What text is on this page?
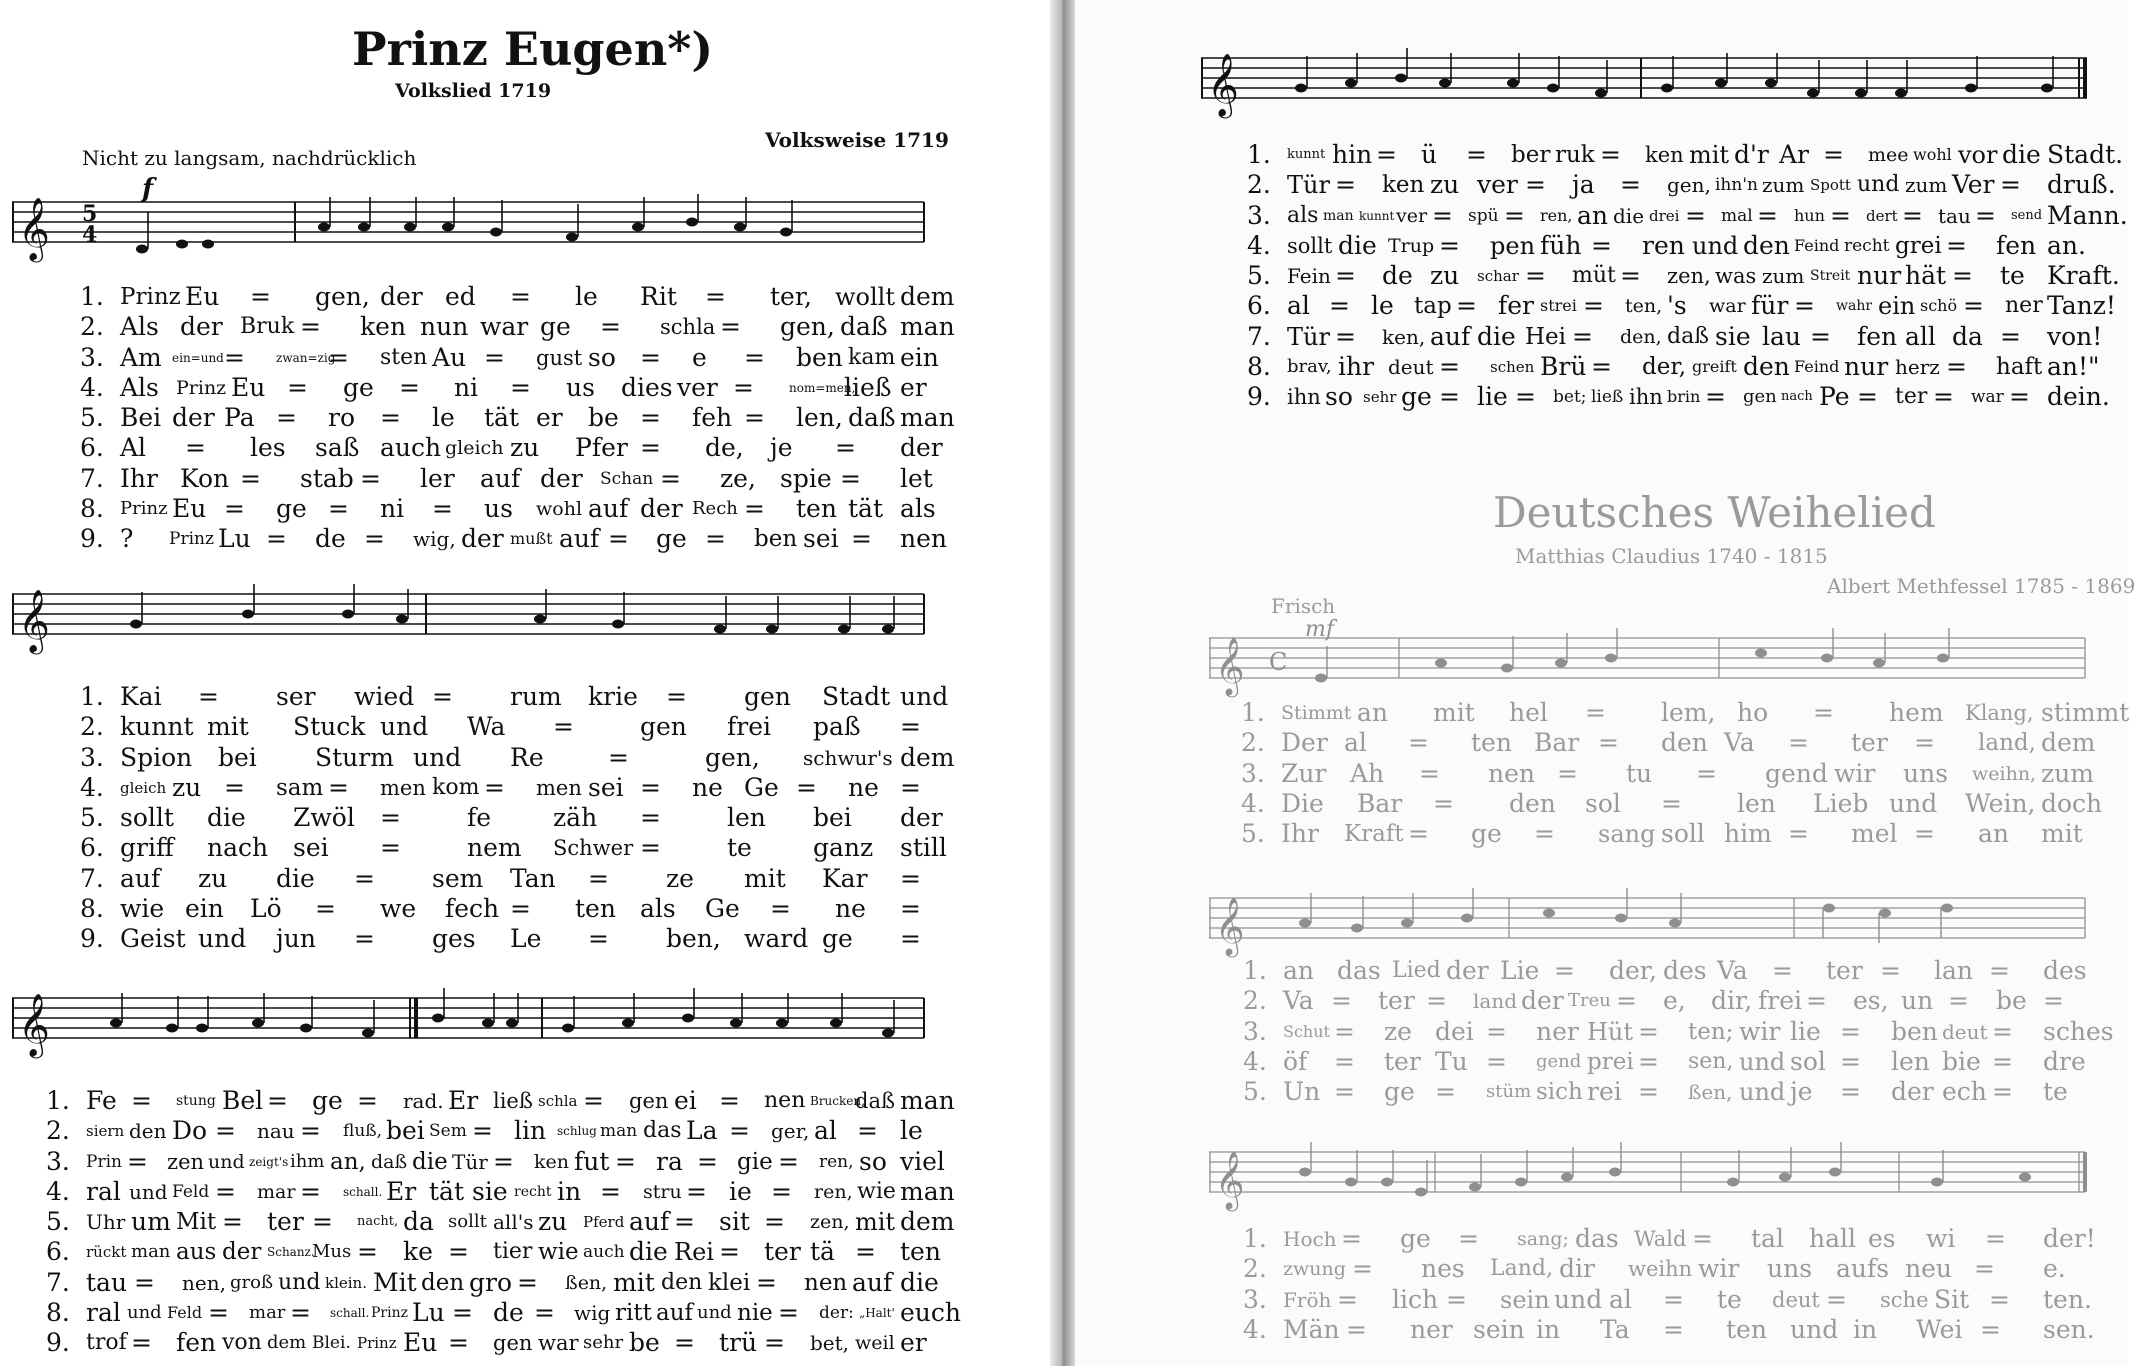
Prinz Eugen*)
Volkslied 1719
Nicht zu langsam, nachdrücklich
Volksweise 1719
𝄞 5
4
f
1. Prinz Eu = gen, der ed = le Rit = ter, wollt dem
2. Als der Bruk = ken nun war ge = schla = gen, daß man
3. Am ein=und =	zwan=zig
= sten Au = gust so = e = ben kam ein
4. Als Prinz Eu = ge = ni = us dies ver =	nom=men,
ließ er
5. Bei der Pa = ro = le tät er be = feh = len, daß man
6. Al = les saß auch gleich zu Pfer = de, je = der
7. Ihr Kon = stab = ler auf der Schan = ze, spie = let
8. Prinz Eu = ge = ni = us wohl auf der Rech = ten tät als
9. ? Prinz Lu = de = wig, der mußt auf = ge = ben sei = nen
𝄞
1. Kai = ser wied = rum krie = gen Stadt und
2. kunnt mit Stuck und Wa =	gen frei paß =
3. Spion bei Sturm und Re	=	gen, schwur's dem
4. gleich zu = sam = men kom = men sei = ne Ge = ne =
5. sollt die Zwöl =	fe zäh =	len bei der
6. griff nach sei =	nem Schwer =	te ganz still
7. auf zu die = sem Tan = ze mit Kar =
8. wie ein Lö = we fech = ten als Ge = ne =
9. Geist und jun = ges Le = ben, ward ge =
𝄞
1. Fe = stung Bel = ge = rad. Er ließ schla = gen ei = nen Brucken,
daß man
2. siern den Do = nau = fluß, bei Sem = lin schlug man das La = ger, al = le
3. Prin = zen und zeigt's ihm an, daß die Tür = ken fut = ra = gie = ren, so viel
4. ral und Feld = mar = schall. Er tät sie recht in = stru = ie = ren, wie man
5. Uhr um Mit = ter = nacht, da sollt all's zu Pferd auf = sit = zen, mit dem
6. rückt man aus der Schanz.
Mus = ke = tier wie auch die Rei = ter tä = ten
7. tau = nen, groß und klein. Mit den gro = ßen, mit den klei = nen auf die
8. ral und Feld = mar = schall. Prinz Lu = de = wig ritt auf und nie = der: „Halt' euch
9. trof = fen von dem Blei. Prinz Eu = gen war sehr be = trü = bet, weil er
𝄞
1. kunnt hin = ü = ber ruk = ken mit d'r Ar = mee wohl vor die Stadt.
2. Tür = ken zu ver = ja = gen, ihn'n zum Spott und zum Ver = druß.
3. als man kunnt ver = spü = ren, an die drei = mal = hun = dert = tau = send Mann.
4. sollt die Trup = pen füh = ren und den Feind recht grei = fen an.
5. Fein = de zu schar = müt = zen, was zum Streit nur hät = te Kraft.
6. al = le tap = fer strei = ten, 's war für = wahr ein schö = ner Tanz!
7. Tür = ken, auf die Hei = den, daß sie lau = fen all da = von!
8. brav, ihr deut = schen Brü = der, greift den Feind nur herz = haft an!"
9. ihn so sehr ge = lie = bet; ließ ihn brin = gen nach Pe = ter = war = dein.
Deutsches Weihelied
Matthias Claudius 1740 - 1815
Albert Methfessel 1785 - 1869
Frisch
𝄞 C
mf
1. Stimmt an mit hel = lem, ho = hem Klang, stimmt
2. Der al = ten Bar = den Va = ter = land, dem
3. Zur Ah = nen = tu = gend wir uns weihn, zum
4. Die Bar = den sol = len Lieb und Wein, doch
5. Ihr Kraft = ge = sang soll him = mel = an mit
𝄞
1. an das Lied der Lie = der, des Va = ter = lan = des
2. Va = ter = land der Treu = e, dir, frei = es, un = be =
3. Schut = ze dei = ner Hüt = ten; wir lie = ben deut = sches
4. öf = ter Tu = gend prei = sen, und sol = len bie = dre
5. Un = ge = stüm sich rei = ßen, und je = der ech = te
𝄞
1. Hoch = ge = sang; das Wald = tal hall es wi = der!
2. zwung = nes Land, dir weihn wir uns aufs neu = e.
3. Fröh = lich = sein und al = te deut = sche Sit = ten.
4. Män = ner sein in Ta = ten und in Wei = sen.
